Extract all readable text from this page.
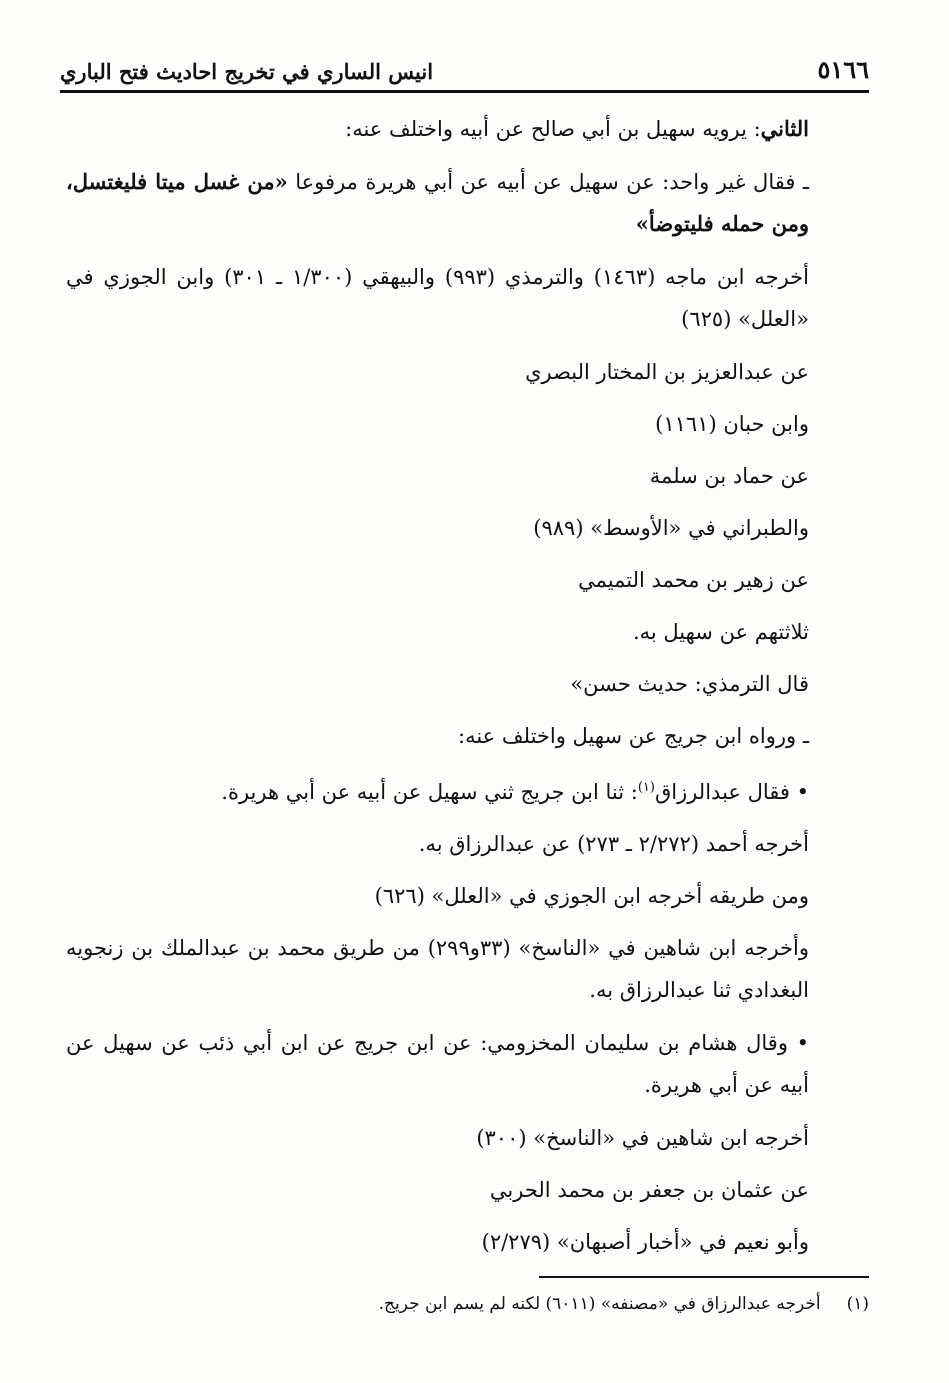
٥١٦٦
انيس الساري في تخريج احاديث فتح الباري

الثاني: يرويه سهيل بن أبي صالح عن أبيه واختلف عنه:

ـ فقال غير واحد: عن سهيل عن أبيه عن أبي هريرة مرفوعا «من غسل ميتا فليغتسل، ومن حمله فليتوضأ»

أخرجه ابن ماجه (١٤٦٣) والترمذي (٩٩٣) والبيهقي (١/٣٠٠ ـ ٣٠١) وابن الجوزي في «العلل» (٦٢٥)

عن عبدالعزيز بن المختار البصري

وابن حبان (١١٦١)

عن حماد بن سلمة

والطبراني في «الأوسط» (٩٨٩)

عن زهير بن محمد التميمي

ثلاثتهم عن سهيل به.

قال الترمذي: حديث حسن»

ـ ورواه ابن جريج عن سهيل واختلف عنه:

• فقال عبدالرزاق$^{(١)}$: ثنا ابن جريج ثني سهيل عن أبيه عن أبي هريرة.

أخرجه أحمد (٢/٢٧٢ ـ ٢٧٣) عن عبدالرزاق به.

ومن طريقه أخرجه ابن الجوزي في «العلل» (٦٢٦)

وأخرجه ابن شاهين في «الناسخ» (٣٣و٢٩٩) من طريق محمد بن عبدالملك بن زنجويه البغدادي ثنا عبدالرزاق به.

• وقال هشام بن سليمان المخزومي: عن ابن جريج عن ابن أبي ذئب عن سهيل عن أبيه عن أبي هريرة.

أخرجه ابن شاهين في «الناسخ» (٣٠٠)

عن عثمان بن جعفر بن محمد الحربي

وأبو نعيم في «أخبار أصبهان» (٢/٢٧٩)

(١)أخرجه عبدالرزاق في «مصنفه» (٦٠١١) لكنه لم يسم ابن جريج.
